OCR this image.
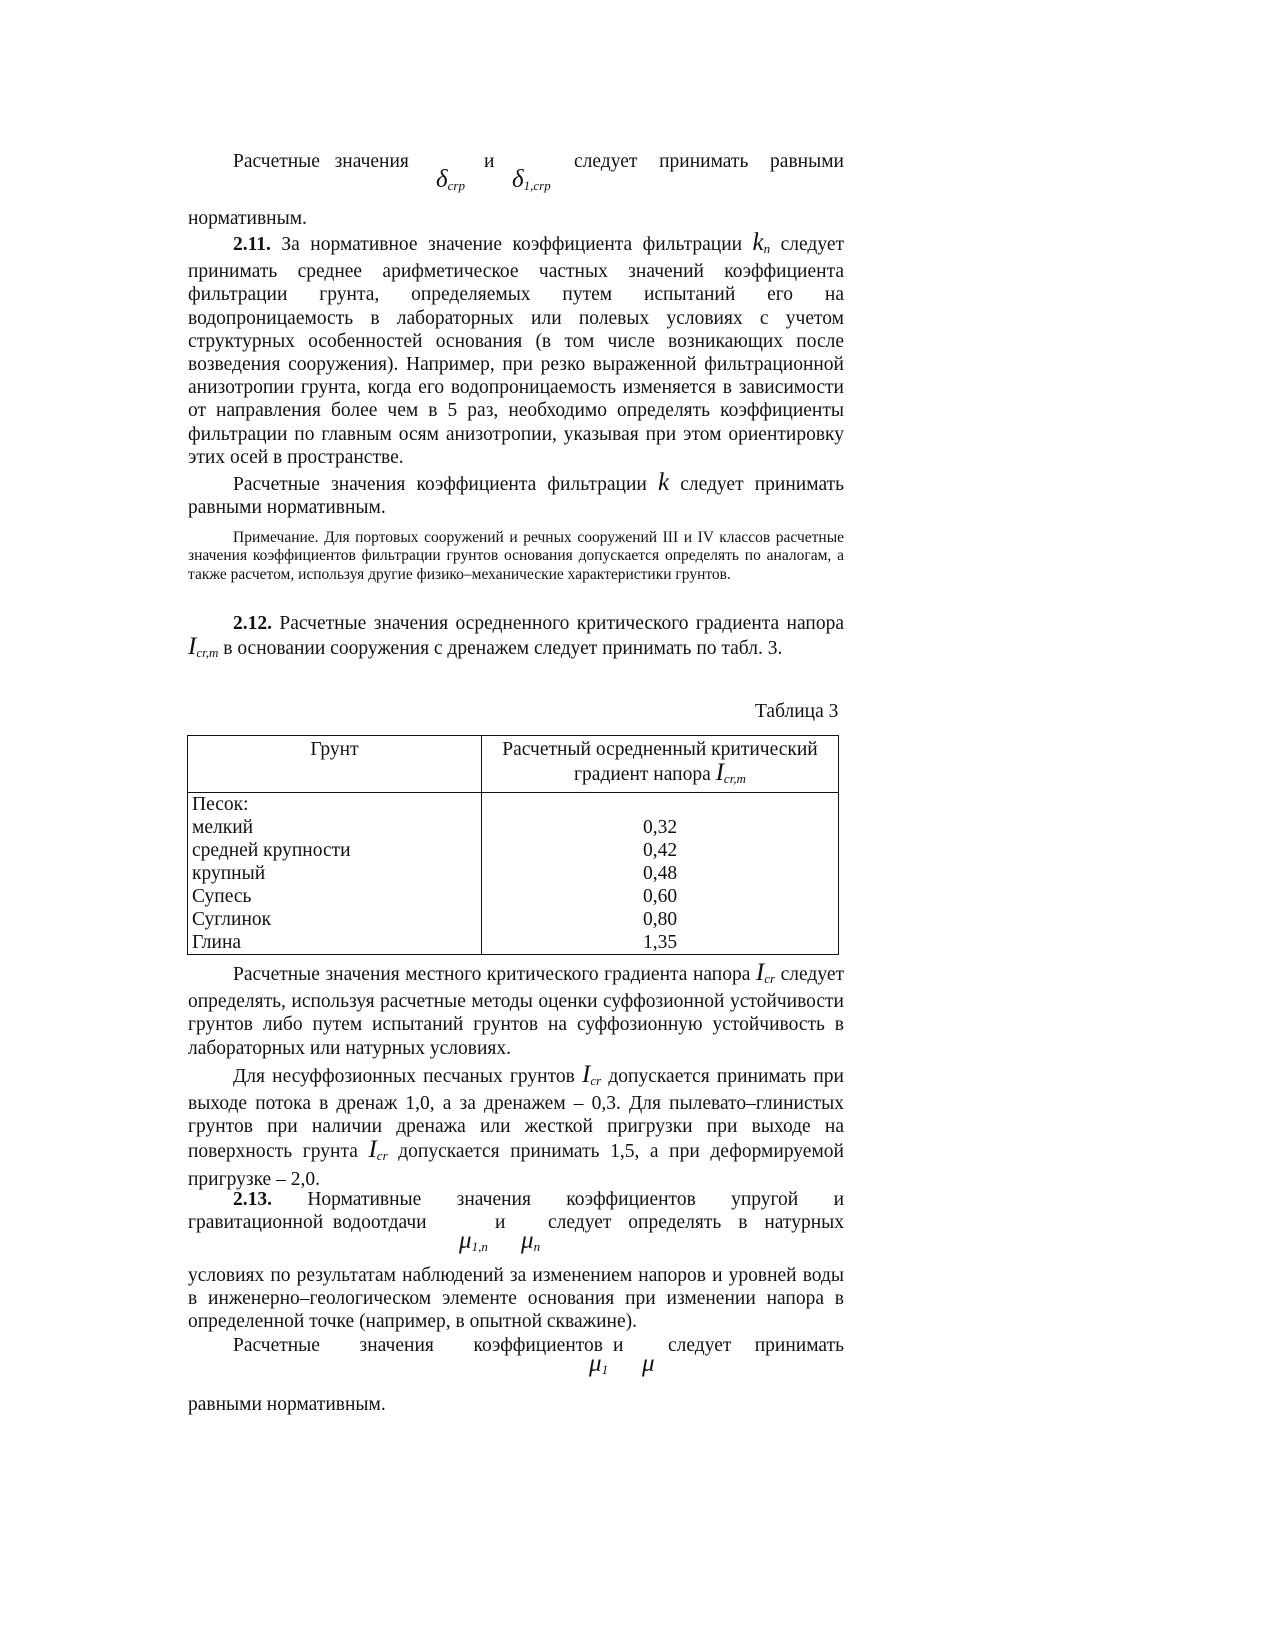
Расчетные значения	и	следует принимать равными
$\delta_{crp}$ $\delta_{1,crp}$
нормативным.

2.11. За нормативное значение коэффициента фильтрации $k_n$ следует принимать среднее арифметическое частных значений коэффициента фильтрации грунта, определяемых путем испытаний его на водопроницаемость в лабораторных или полевых условиях с учетом структурных особенностей основания (в том числе возникающих после возведения сооружения). Например, при резко выраженной фильтрационной анизотропии грунта, когда его водопроницаемость изменяется в зависимости от направления более чем в 5 раз, необходимо определять коэффициенты фильтрации по главным осям анизотропии, указывая при этом ориентировку этих осей в пространстве.

Расчетные значения коэффициента фильтрации k следует принимать равными нормативным.

Примечание. Для портовых сооружений и речных сооружений III и IV классов расчетные значения коэффициентов фильтрации грунтов основания допускается определять по аналогам, а также расчетом, используя другие физико–механические характеристики грунтов.

2.12. Расчетные значения осредненного критического градиента напора $I_{cr,m}$ в основании сооружения с дренажем следует принимать по табл. 3.

Таблица 3
Грунт	Расчетный осредненный критический градиент напора $I_{cr,m}$
Песок:	
мелкий	0,32
средней крупности	0,42
крупный	0,48
Супесь	0,60
Суглинок	0,80
Глина	1,35

Расчетные значения местного критического градиента напора $I_{cr}$ следует определять, используя расчетные методы оценки суффозионной устойчивости грунтов либо путем испытаний грунтов на суффозионную устойчивость в лабораторных или натурных условиях.

Для несуффозионных песчаных грунтов $I_{cr}$ допускается принимать при выходе потока в дренаж 1,0, а за дренажем – 0,3. Для пылевато–глинистых грунтов при наличии дренажа или жесткой пригрузки при выходе на поверхность грунта $I_{cr}$ допускается принимать 1,5, а при деформируемой пригрузке – 2,0.

2.13. Нормативные значения коэффициентов упругой и
гравитационной водоотдачи	и следует определять в натурных
$\mu_{1,n}$ $\mu_n$

условиях по результатам наблюдений за изменением напоров и уровней воды в инженерно–геологическом элементе основания при изменении напора в определенной точке (например, в опытной скважине).

Расчетные значения коэффициентов и следует принимать
$\mu_1$ μ
равными нормативным.
